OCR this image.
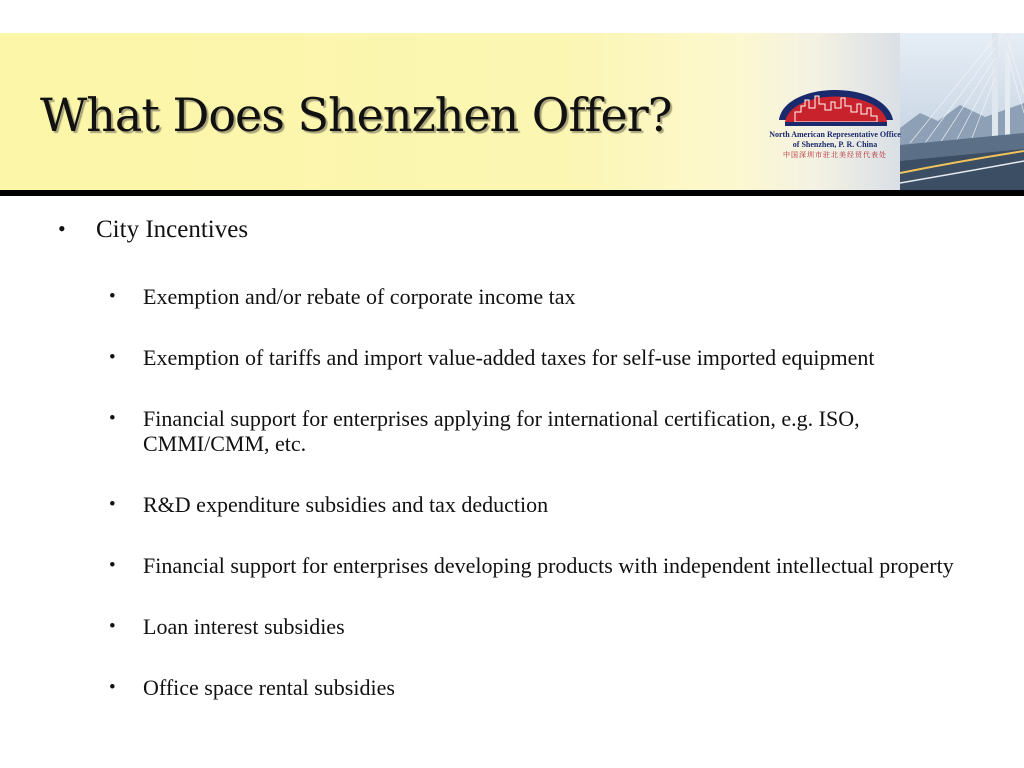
What Does Shenzhen Offer?	North American Representative Office
of Shenzhen, P. R. China
中国深圳市驻北美经贸代表处
•	City Incentives
•	Exemption and/or rebate of corporate income tax
•	Exemption of tariffs and import value-added taxes for self-use imported equipment
•	Financial support for enterprises applying for international certification, e.g. ISO, CMMI/CMM, etc.
•	R&D expenditure subsidies and tax deduction
•	Financial support for enterprises developing products with independent intellectual property
•	Loan interest subsidies
•	Office space rental subsidies
